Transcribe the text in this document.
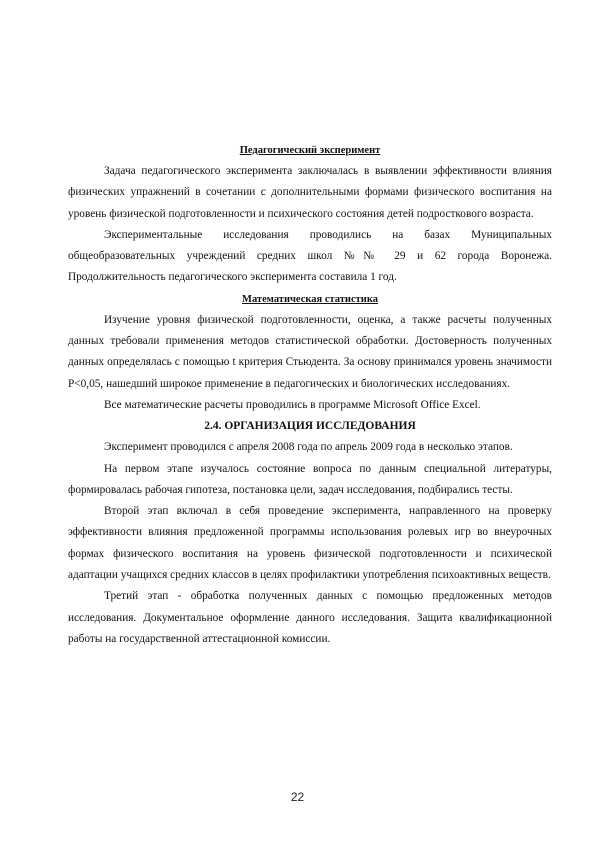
Педагогический эксперимент

Задача педагогического эксперимента заключалась в выявлении эффективности влияния физических упражнений в сочетании с дополнительными формами физического воспитания на уровень физической подготовленности и психического состояния детей подросткового возраста.

Экспериментальные исследования проводились на базах Муниципальных общеобразовательных учреждений средних школ №№ 29 и 62 города Воронежа. Продолжительность педагогического эксперимента составила 1 год.

Математическая статистика

Изучение уровня физической подготовленности, оценка, а также расчеты полученных данных требовали применения методов статистической обработки. Достоверность полученных данных определялась с помощью t критерия Стьюдента. За основу принимался уровень значимости P<0,05, нашедший широкое применение в педагогических и биологических исследованиях.

Все математические расчеты проводились в программе Microsoft Office Excel.

2.4. ОРГАНИЗАЦИЯ ИССЛЕДОВАНИЯ

Эксперимент проводился с апреля 2008 года по апрель 2009 года в несколько этапов.

На первом этапе изучалось состояние вопроса по данным специальной литературы, формировалась рабочая гипотеза, постановка цели, задач исследования, подбирались тесты.

Второй этап включал в себя проведение эксперимента, направленного на проверку эффективности влияния предложенной программы использования ролевых игр во внеурочных формах физического воспитания на уровень физической подготовленности и психической адаптации учащихся средних классов в целях профилактики употребления психоактивных веществ.

Третий этап - обработка полученных данных с помощью предложенных методов исследования. Документальное оформление данного исследования. Защита квалификационной работы на государственной аттестационной комиссии.

22
